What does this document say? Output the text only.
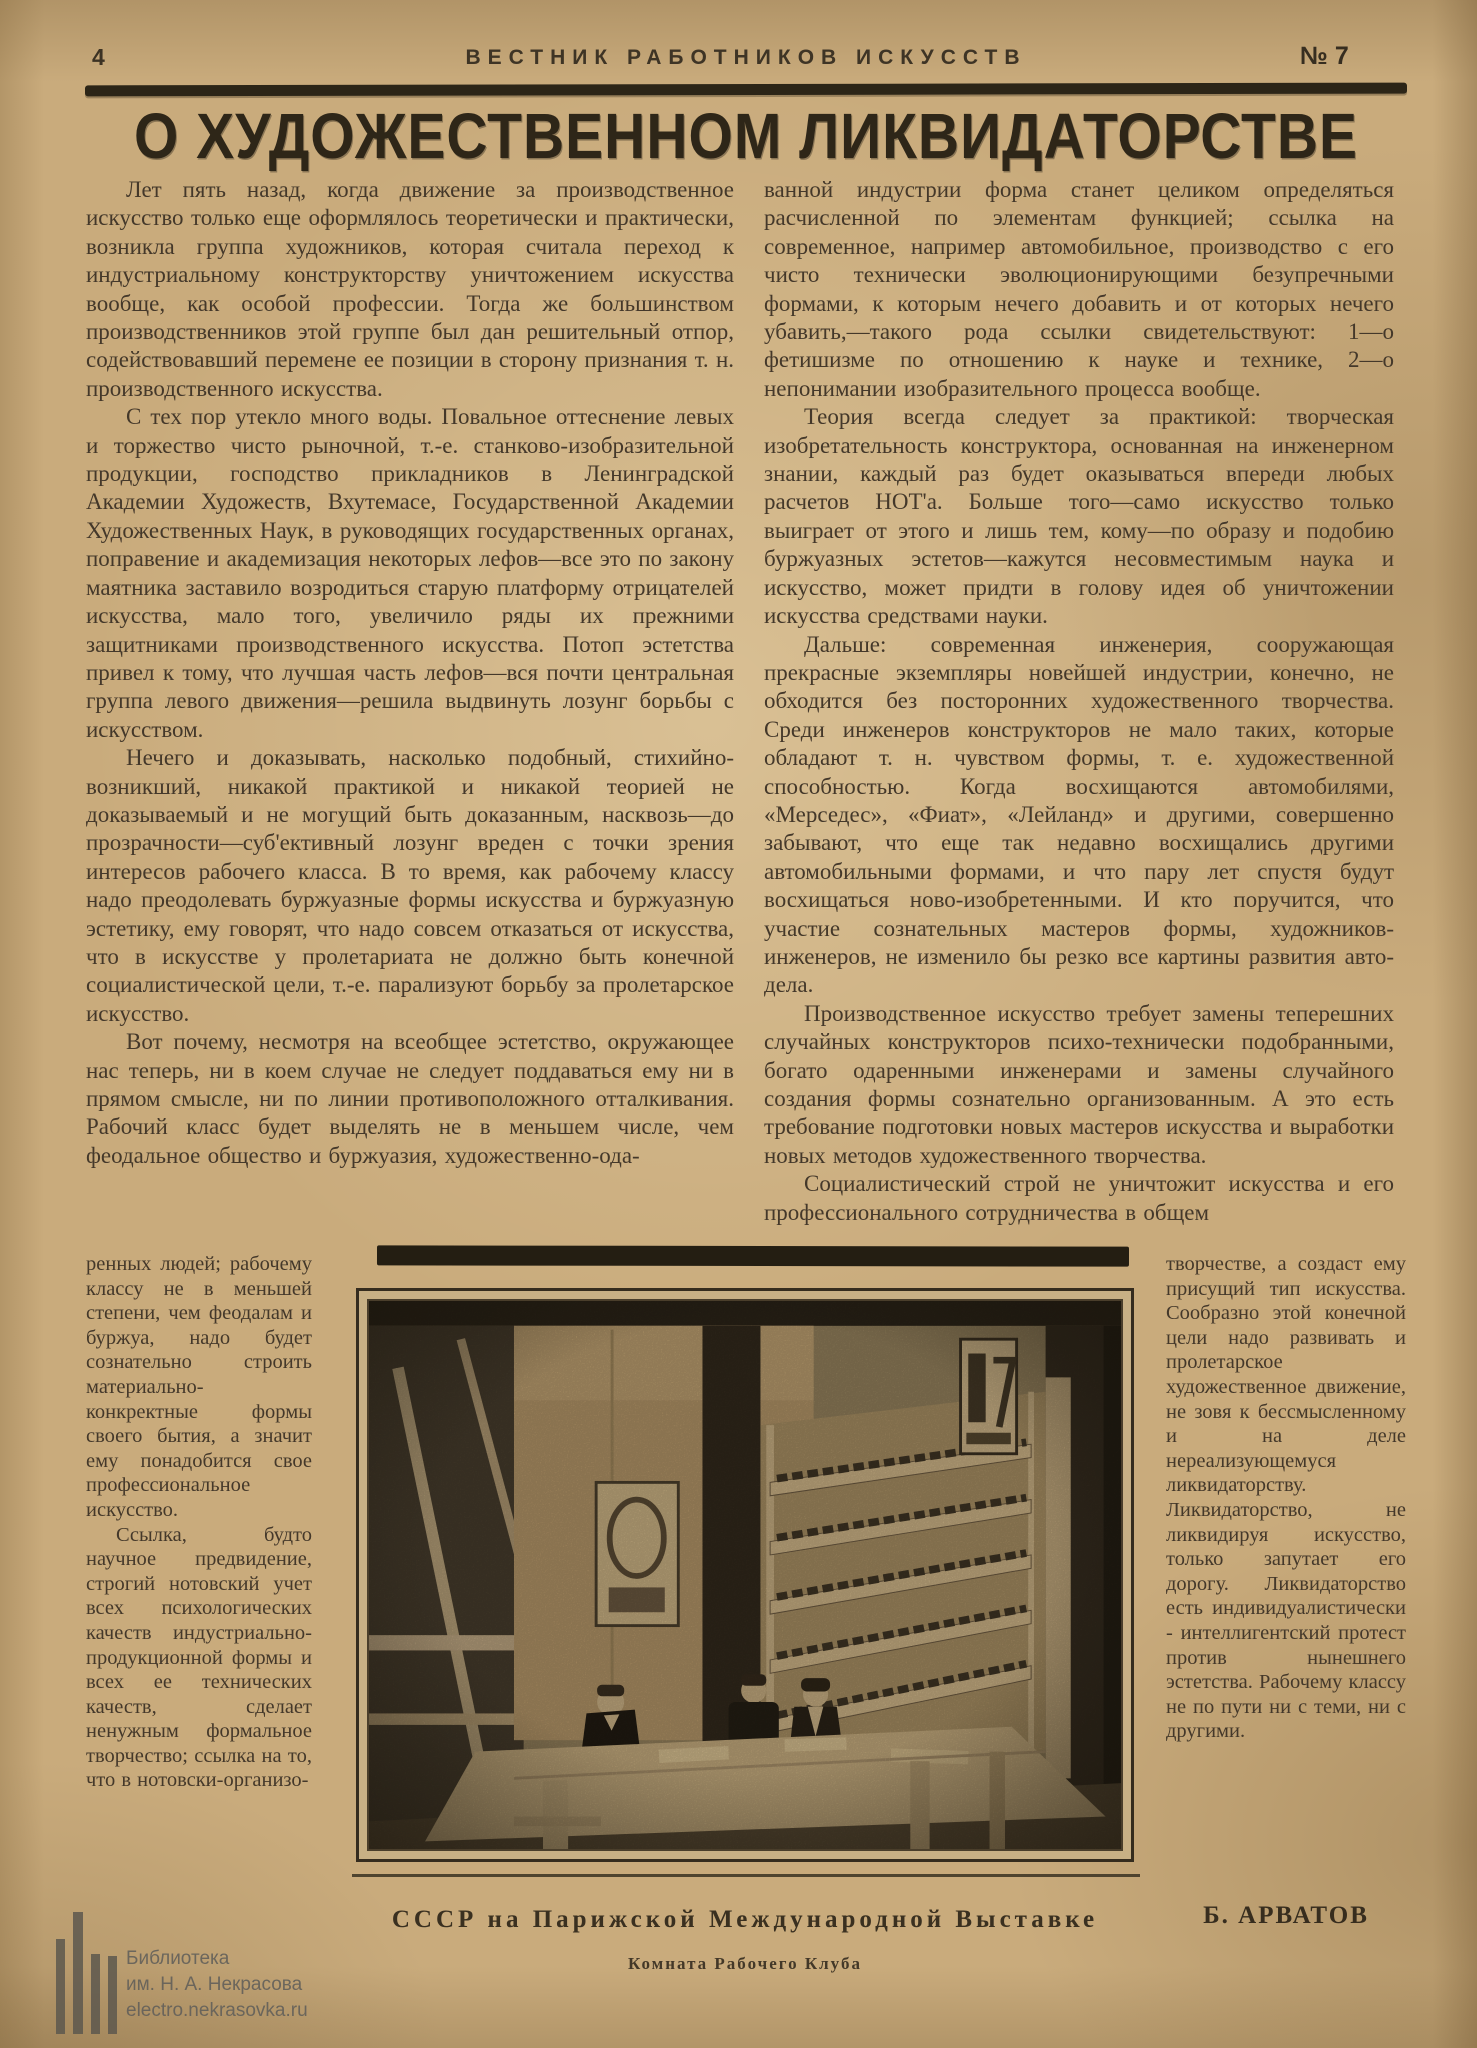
4	ВЕСТНИК РАБОТНИКОВ ИСКУССТВ	№ 7
О ХУДОЖЕСТВЕННОМ ЛИКВИДАТОРСТВЕ

Лет пять назад, когда движение за производственное искусство только еще оформлялось теоретически и практически, возникла группа художников, которая считала переход к индустриальному конструкторству уничтожением искусства вообще, как особой профессии. Тогда же большинством производственников этой группе был дан решительный отпор, содействовавший перемене ее позиции в сторону признания т. н. производственного искусства.

С тех пор утекло много воды. Повальное оттеснение левых и торжество чисто рыночной, т.-е. станково-изобразительной продукции, господство прикладников в Ленинградской Академии Художеств, Вхутемасе, Государственной Академии Художественных Наук, в руководящих государственных органах, поправение и академизация некоторых лефов—все это по закону маятника заставило возродиться старую платформу отрицателей искусства, мало того, увеличило ряды их прежними защитниками производственного искусства. Потоп эстетства привел к тому, что лучшая часть лефов—вся почти центральная группа левого движения—решила выдвинуть лозунг борьбы с искусством.

Нечего и доказывать, насколько подобный, стихийно-возникший, никакой практикой и никакой теорией не доказываемый и не могущий быть доказанным, насквозь—до прозрачности—суб'ективный лозунг вреден с точки зрения интересов рабочего класса. В то время, как рабочему классу надо преодолевать буржуазные формы искусства и буржуазную эстетику, ему говорят, что надо совсем отказаться от искусства, что в искусстве у пролетариата не должно быть конечной социалистической цели, т.-е. парализуют борьбу за пролетарское искусство.

Вот почему, несмотря на всеобщее эстетство, окружающее нас теперь, ни в коем случае не следует поддаваться ему ни в прямом смысле, ни по линии противоположного отталкивания. Рабочий класс будет выделять не в меньшем числе, чем феодальное общество и буржуазия, художественно-ода-

ванной индустрии форма станет целиком определяться расчисленной по элементам функцией; ссылка на современное, например автомобильное, производство с его чисто технически эволюционирующими безупречными формами, к которым нечего добавить и от которых нечего убавить,—такого рода ссылки свидетельствуют: 1—о фетишизме по отношению к науке и технике, 2—о непонимании изобразительного процесса вообще.

Теория всегда следует за практикой: творческая изобретательность конструктора, основанная на инженерном знании, каждый раз будет оказываться впереди любых расчетов НОТ'а. Больше того—само искусство только выиграет от этого и лишь тем, кому—по образу и подобию буржуазных эстетов—кажутся несовместимым наука и искусство, может придти в голову идея об уничтожении искусства средствами науки.

Дальше: современная инженерия, сооружающая прекрасные экземпляры новейшей индустрии, конечно, не обходится без посторонних художественного творчества. Среди инженеров конструкторов не мало таких, которые обладают т. н. чувством формы, т. е. художественной способностью. Когда восхищаются автомобилями, «Мерседес», «Фиат», «Лейланд» и другими, совершенно забывают, что еще так недавно восхищались другими автомобильными формами, и что пару лет спустя будут восхищаться ново-изобретенными. И кто поручится, что участие сознательных мастеров формы, художников-инженеров, не изменило бы резко все картины развития авто-дела.

Производственное искусство требует замены теперешних случайных конструкторов психо-технически подобранными, богато одаренными инженерами и замены случайного создания формы сознательно организованным. А это есть требование подготовки новых мастеров искусства и выработки новых методов художественного творчества.

Социалистический строй не уничтожит искусства и его профессионального сотрудничества в общем

ренных людей; рабочему классу не в меньшей степени, чем феодалам и буржуа, надо будет сознательно строить материально-конкректные формы своего бытия, а значит ему понадобится свое профессиональное искусство.

Ссылка, будто научное предвидение, строгий нотовский учет всех психологических качеств индустриально-продукционной формы и всех ее технических качеств, сделает ненужным формальное творчество; ссылка на то, что в нотовски-организо-

творчестве, а создаст ему присущий тип искусства. Сообразно этой конечной цели надо развивать и пролетарское художественное движение, не зовя к бессмысленному и на деле нереализующемуся ликвидаторству. Ликвидаторство, не ликвидируя искусство, только запутает его дорогу. Ликвидаторство есть индивидуалистически - интеллигентский протест против нынешнего эстетства. Рабочему классу не по пути ни с теми, ни с другими.

СССР на Парижской Международной Выставке
Комната Рабочего Клуба
Б. АРВАТОВ
Библиотека
им. Н. А. Некрасова
electro.nekrasovka.ru
